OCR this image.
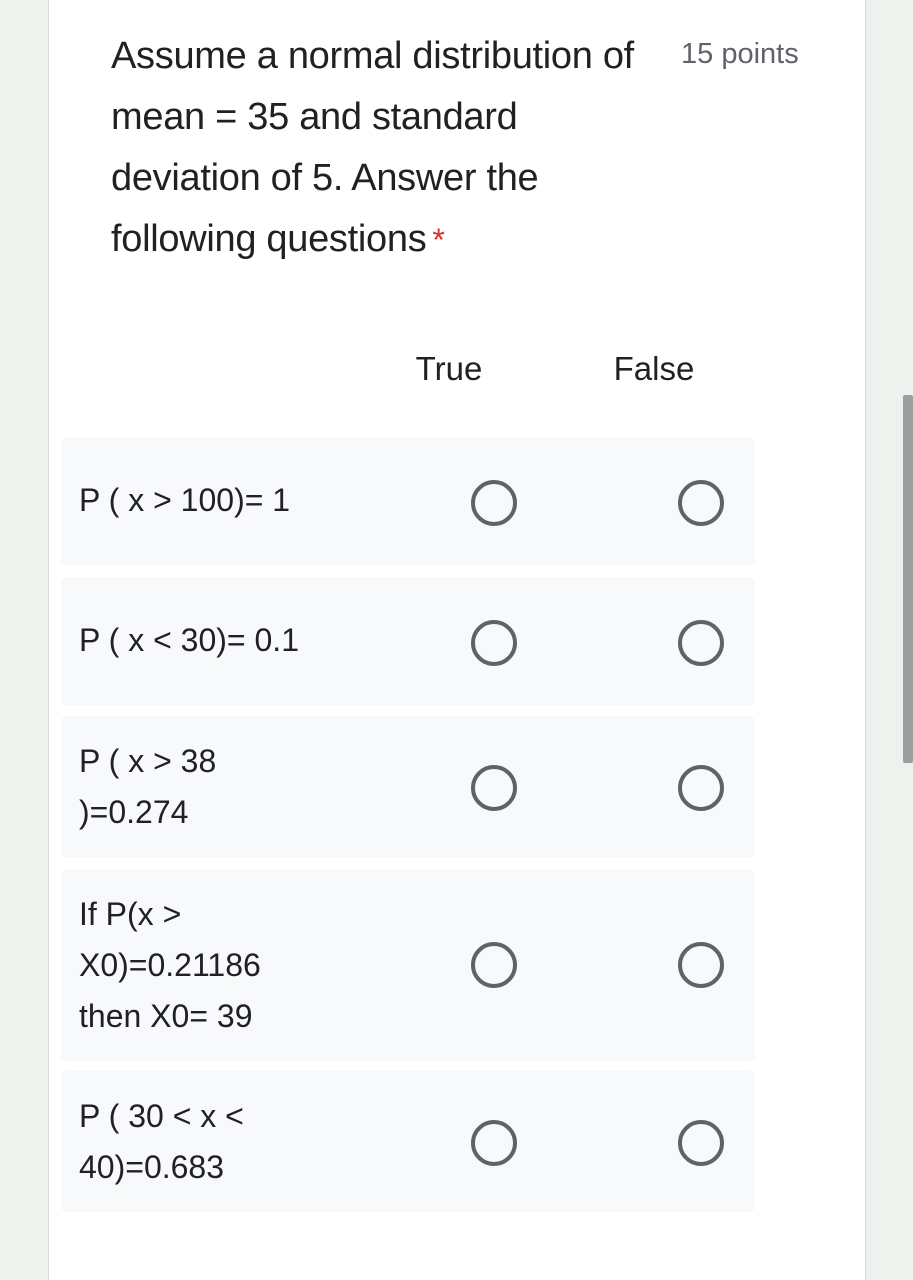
Assume a normal distribution of mean = 35 and standard deviation of 5. Answer the following questions *
15 points
True	False
P ( x > 100)= 1
P ( x < 30)= 0.1
P ( x > 38 )=0.274
If P(x > X0)=0.21186 then X0= 39
P ( 30 < x < 40)=0.683
